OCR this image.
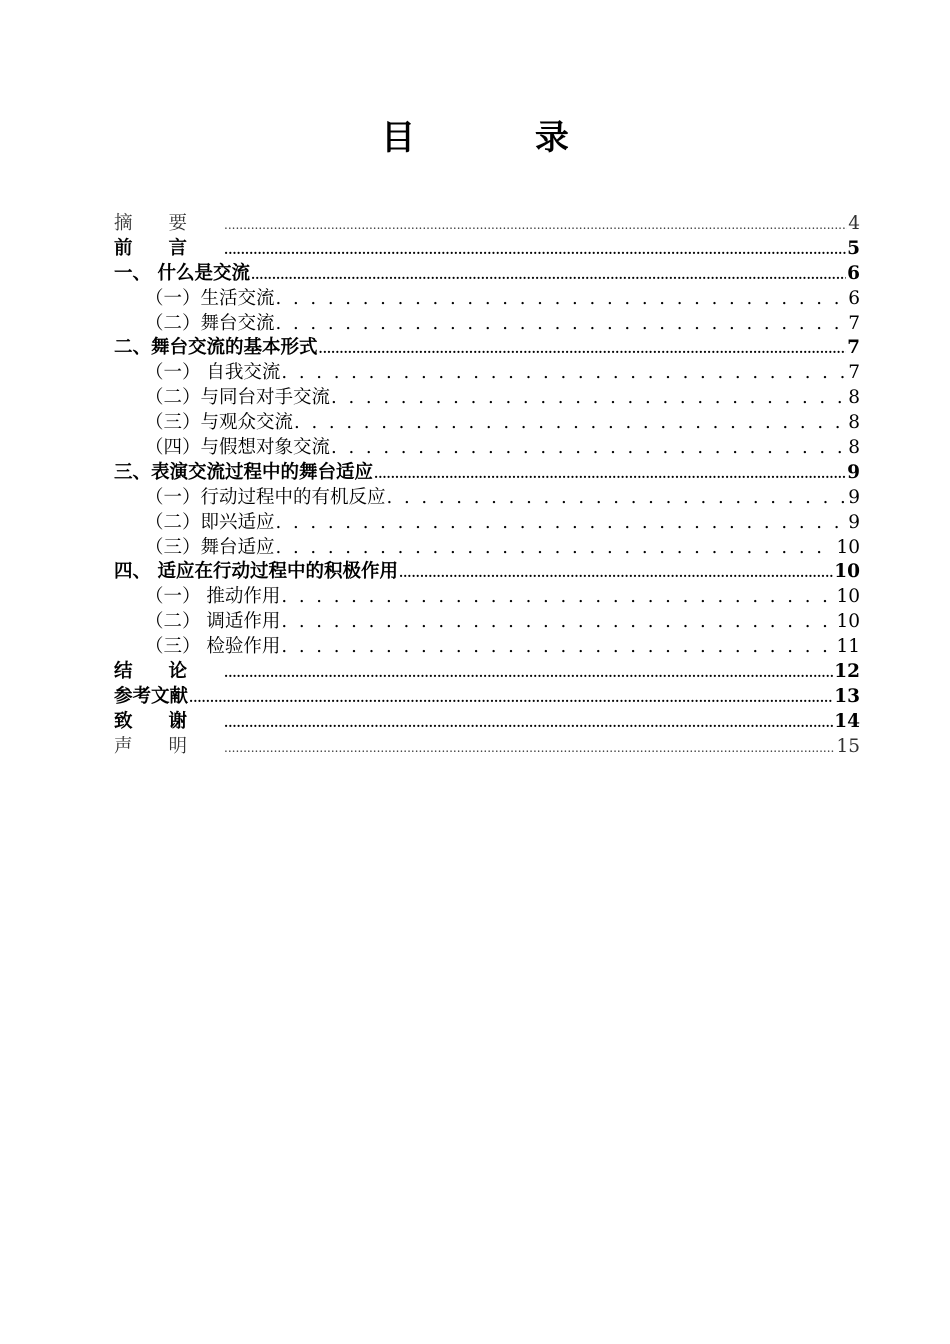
目 录
摘要 .....	4
前言 .....	5
一、 什么是交流 .....	6
（一）生活交流 . . .	6
（二）舞台交流 . . .	7
二、舞台交流的基本形式 .....	7
（一） 自我交流 . . .	7
（二）与同台对手交流 . . .	8
（三）与观众交流 . . .	8
（四）与假想对象交流 . . .	8
三、表演交流过程中的舞台适应 .....	9
（一）行动过程中的有机反应 . . .	9
（二）即兴适应 . . .	9
（三）舞台适应 . . .	10
四、 适应在行动过程中的积极作用 .....	10
（一） 推动作用 . . .	10
（二） 调适作用 . . .	10
（三） 检验作用 . . .	11
结论 .....	12
参考文献 .....	13
致谢 .....	14
声明 .....	15
